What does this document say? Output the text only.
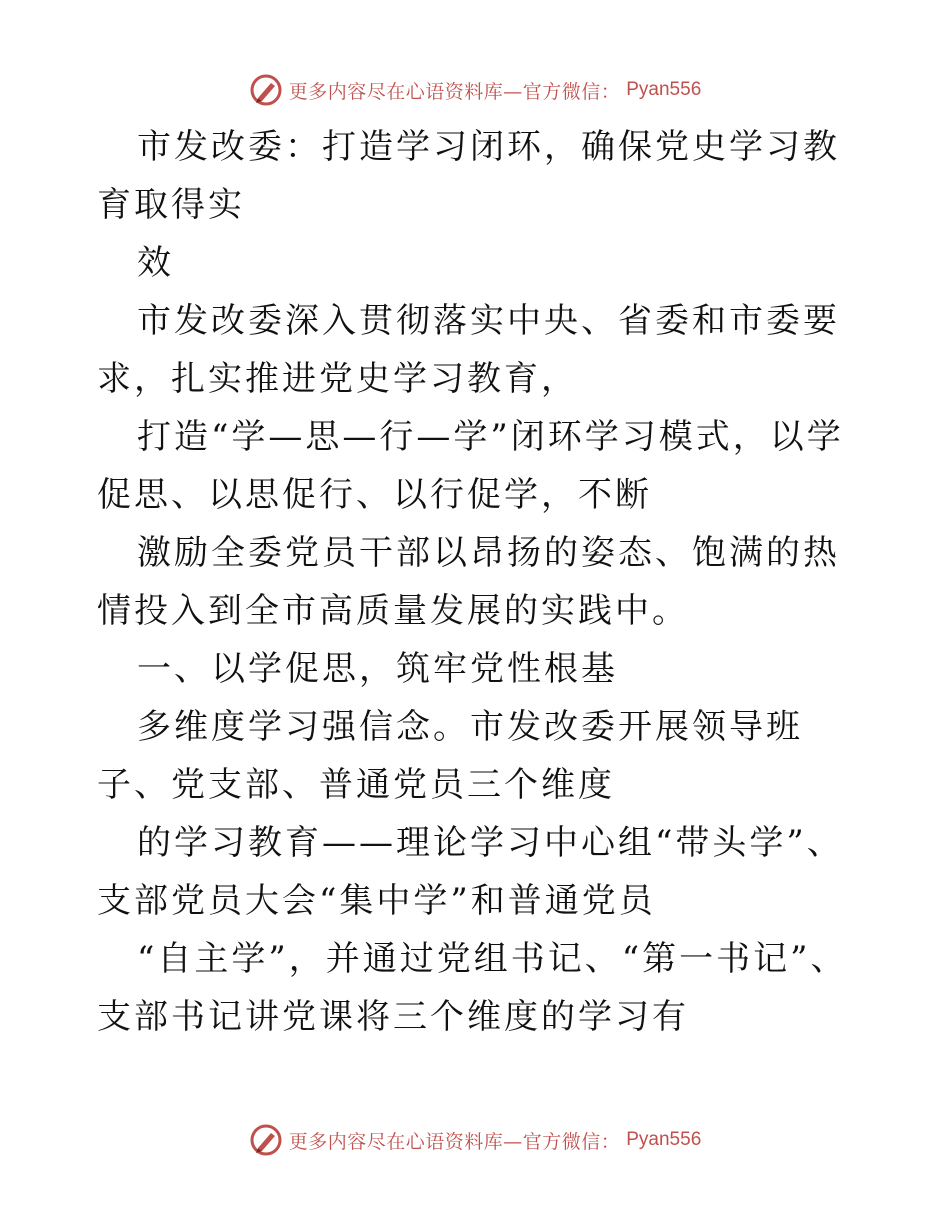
更多内容尽在心语资料库—官方微信： Pyan556

市发改委：打造学习闭环，确保党史学习教育取得实

效

市发改委深入贯彻落实中央、省委和市委要求，扎实推进党史学习教育，

打造“学—思—行—学”闭环学习模式，以学促思、以思促行、以行促学，不断

激励全委党员干部以昂扬的姿态、饱满的热情投入到全市高质量发展的实践中。

一、以学促思，筑牢党性根基

多维度学习强信念。市发改委开展领导班子、党支部、普通党员三个维度

的学习教育——理论学习中心组“带头学”、支部党员大会“集中学”和普通党员

“自主学”，并通过党组书记、“第一书记”、支部书记讲党课将三个维度的学习有

更多内容尽在心语资料库—官方微信： Pyan556
